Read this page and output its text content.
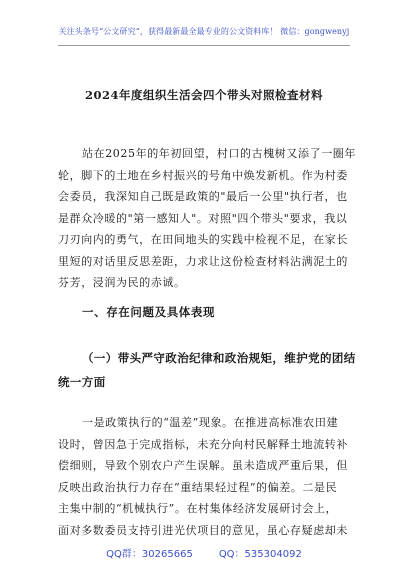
关注头条号“公文研究”，获得最新最全最专业的公文资料库！ 微信：gongwenyj
2024年度组织生活会四个带头对照检查材料
站在2025年的年初回望，村口的古槐树又添了一圈年
轮，脚下的土地在乡村振兴的号角中焕发新机。作为村委
会委员，我深知自己既是政策的"最后一公里"执行者，也
是群众冷暖的"第一感知人"。对照"四个带头"要求，我以
刀刃向内的勇气，在田间地头的实践中检视不足，在家长
里短的对话里反思差距，力求让这份检查材料沾满泥土的
芬芳，浸润为民的赤诚。
一、存在问题及具体表现
（一）带头严守政治纪律和政治规矩，维护党的团结
统一方面
一是政策执行的“温差”现象。在推进高标准农田建
设时，曾因急于完成指标，未充分向村民解释土地流转补
偿细则，导致个别农户产生误解。虽未造成严重后果，但
反映出政治执行力存在“重结果轻过程”的偏差。二是民
主集中制的“机械执行”。在村集体经济发展研讨会上，
面对多数委员支持引进光伏项目的意见，虽心存疑虑却未
QQ群：30265665	QQ：535304092
